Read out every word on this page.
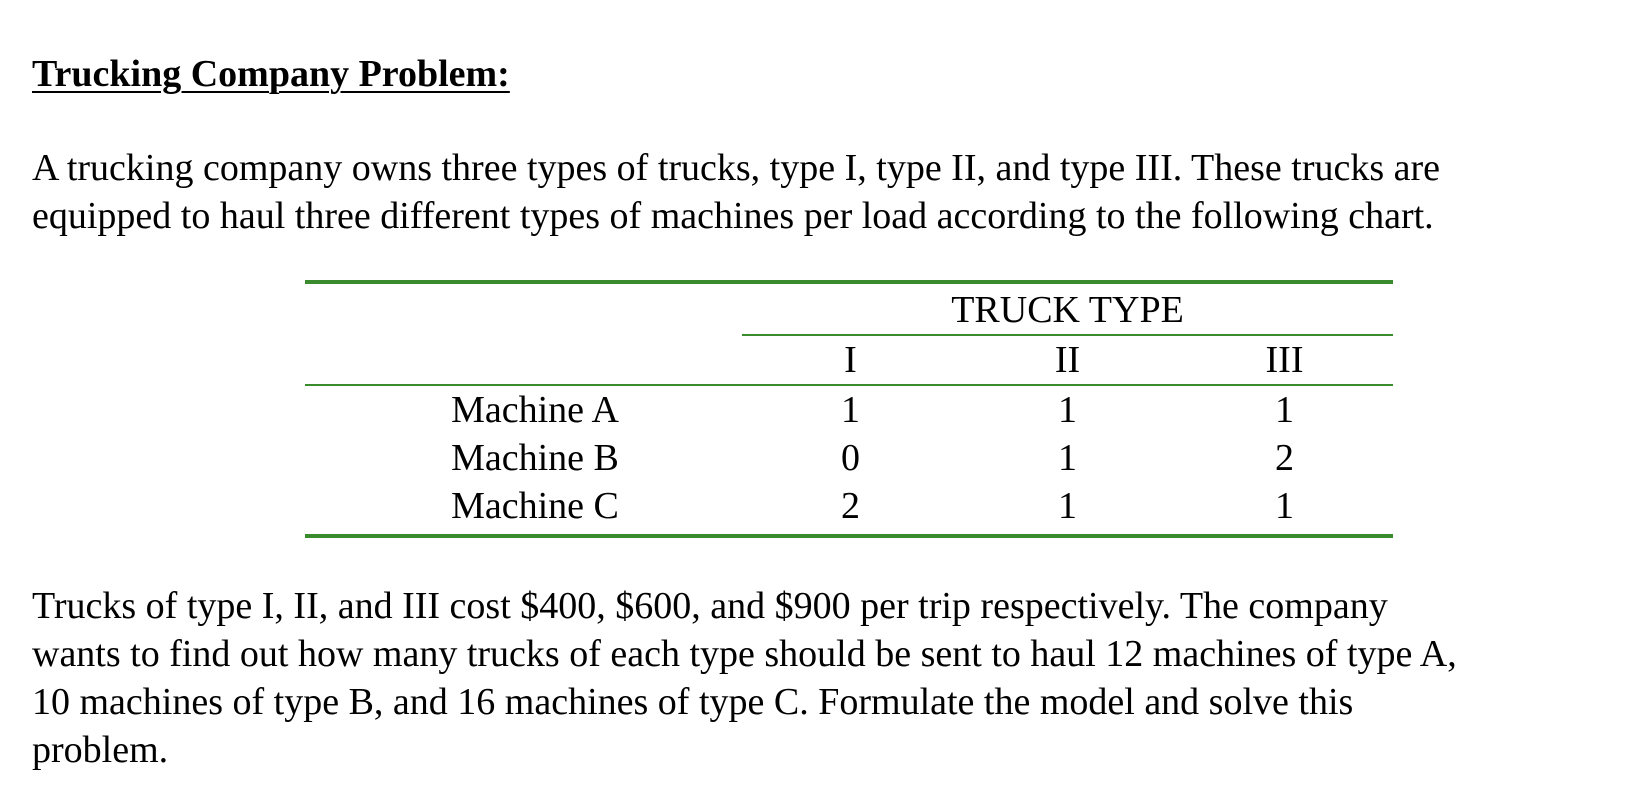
Trucking Company Problem:

A trucking company owns three types of trucks, type I, type II, and type III. These trucks are
equipped to haul three different types of machines per load according to the following chart.

TRUCK TYPE
I	II	III
Machine A	1	1	1
Machine B	0	1	2
Machine C	2	1	1

Trucks of type I, II, and III cost $400, $600, and $900 per trip respectively. The company
wants to find out how many trucks of each type should be sent to haul 12 machines of type A,
10 machines of type B, and 16 machines of type C. Formulate the model and solve this
problem.
